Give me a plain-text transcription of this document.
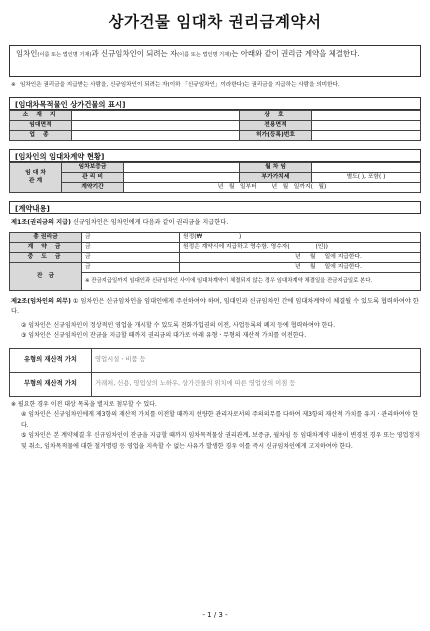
상가건물 임대차 권리금계약서
임차인(이름 또는 법인명 기재)과 신규임차인이 되려는 자(이름 또는 법인명 기재)는 아래와 같이 권리금 계약을 체결한다.
※ 임차인은 권리금을 지급받는 사람을, 신규임차인이 되려는 자(이하 「신규임차인」이라한다)는 권리금을 지급하는 사람을 의미한다.
[임대차목적물인 상가건물의 표시]
소 재 지		상 호	
임대면적		전용면적	
업 종		허가(등록)번호	
[임차인의 임대차계약 현황]
임 대 차
관 계	임차보증금		월 차 임	
	관 리 비		부가가치세	별도( ), 포함( )
	계약기간	년   월   일부터        년   월   일까지(   월)		
[계약내용]
제1조(권리금의 지급) 신규임차인은 임차인에게 다음과 같이 권리금을 지급한다.
총 권리금	금	원정(₩                    )
계 약 금	금	원정은 계약시에 지급하고 영수함. 영수자(              (인))
중 도 금	금	년     월     일에 지급한다.
잔   금	금	년     월     일에 지급한다.
	※ 잔금지급일까지 임대인과 신규임차인 사이에 임대차계약이 체결되지 않는 경우 임대차계약 체결일을 잔금지급일로 본다.	
제2조(임차인의 의무) ① 임차인은 신규임차인을 임대인에게 주선하여야 하며, 임대인과 신규임차인 간에 임대차계약이 체결될 수 있도록 협력하여야 한다.
② 임차인은 신규임차인이 정상적인 영업을 개시할 수 있도록 전화가입권의 이전, 사업등록의 폐지 등에 협력하여야 한다.
③ 임차인은 신규임차인이 잔금을 지급할 때까지 권리금의 대가로 아래 유형ㆍ무형의 재산적 가치를 이전한다.
유형의 재산적 가치	영업시설ㆍ비품 등
무형의 재산적 가치	거래처, 신용, 영업상의 노하우, 상가건물의 위치에 따른 영업상의 이점 등
※ 필요한 경우 이전 대상 목록을 별지로 첨부할 수 있다.
④ 임차인은 신규임차인에게 제3항의 재산적 가치를 이전할 때까지 선량한 관리자로서의 주의의무를 다하여 제3항의 재산적 가치를 유지ㆍ관리하여야 한다.
⑤ 임차인은 본 계약체결 후 신규임차인이 잔금을 지급할 때까지 임차목적물상 권리관계, 보증금, 월차임 등 임대차계약 내용이 변경된 경우 또는 영업정지 및 취소, 임차목적물에 대한 철거명령 등 영업을 지속할 수 없는 사유가 발생한 경우 이를 즉시 신규임차인에게 고지하여야 한다.
- 1 / 3 -
